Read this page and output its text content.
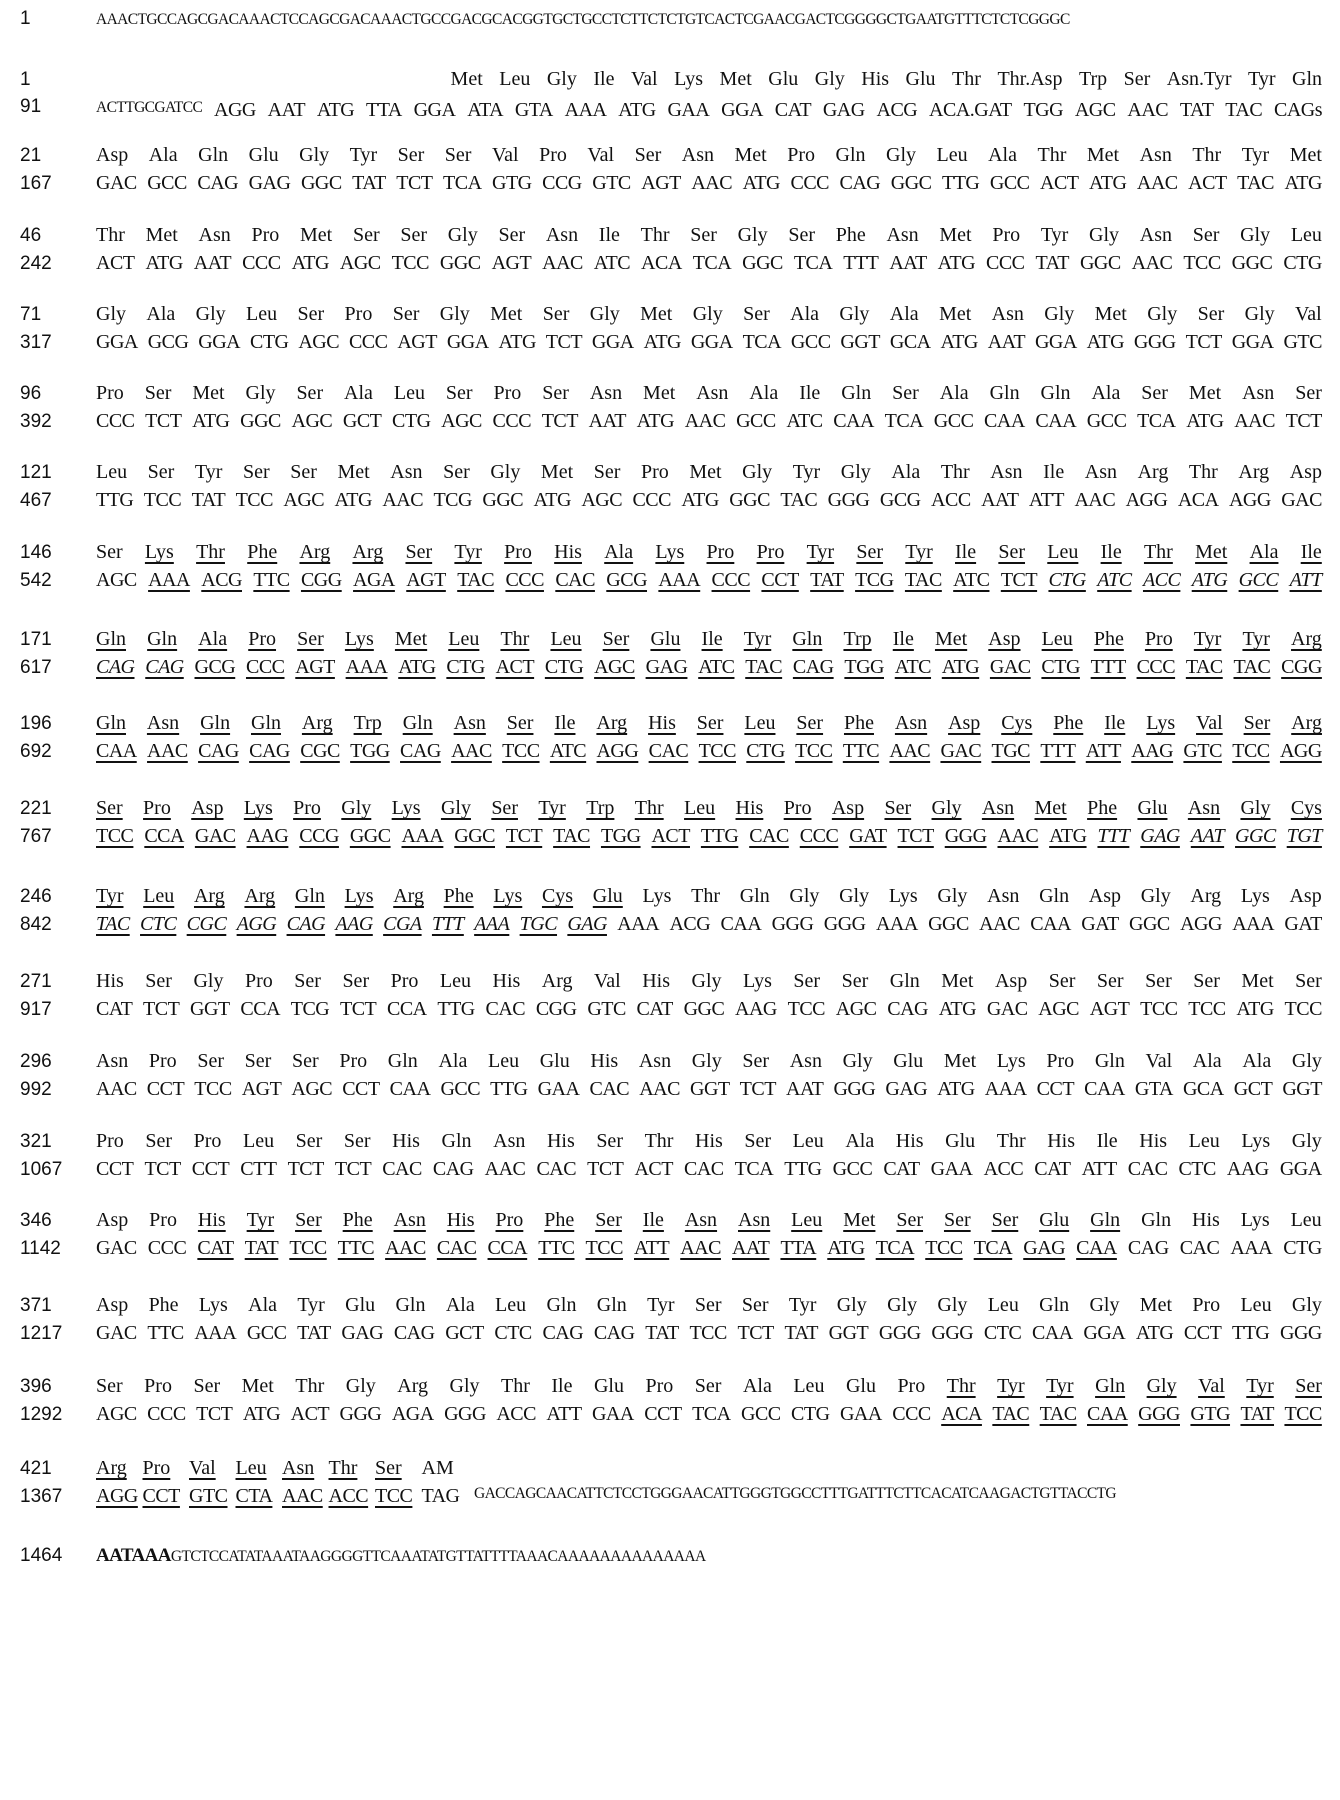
1	AAACTGCCAGCGACAAACTCCAGCGACAAACTGCCGACGCACGGTGCTGCCTCTTCTCTGTCACTCGAACGACTCGGGGCTGAATGTTTCTCTCGGGC
1	Met Leu Gly Ile Val Lys Met Glu Gly His Glu Thr Thr.Asp Trp Ser Asn.Tyr Tyr Gln
91	ACTTGCGATCC AGG AAT ATG TTA GGA ATA GTA AAA ATG GAA GGA CAT GAG ACG ACA.GAT TGG AGC AAC TAT TAC CAGs
21	Asp Ala Gln Glu Gly Tyr Ser Ser Val Pro Val Ser Asn Met Pro Gln Gly Leu Ala Thr Met Asn Thr Tyr Met
167	GAC GCC CAG GAG GGC TAT TCT TCA GTG CCG GTC AGT AAC ATG CCC CAG GGC TTG GCC ACT ATG AAC ACT TAC ATG
46	Thr Met Asn Pro Met Ser Ser Gly Ser Asn Ile Thr Ser Gly Ser Phe Asn Met Pro Tyr Gly Asn Ser Gly Leu
242	ACT ATG AAT CCC ATG AGC TCC GGC AGT AAC ATC ACA TCA GGC TCA TTT AAT ATG CCC TAT GGC AAC TCC GGC CTG
71	Gly Ala Gly Leu Ser Pro Ser Gly Met Ser Gly Met Gly Ser Ala Gly Ala Met Asn Gly Met Gly Ser Gly Val
317	GGA GCG GGA CTG AGC CCC AGT GGA ATG TCT GGA ATG GGA TCA GCC GGT GCA ATG AAT GGA ATG GGG TCT GGA GTC
96	Pro Ser Met Gly Ser Ala Leu Ser Pro Ser Asn Met Asn Ala Ile Gln Ser Ala Gln Gln Ala Ser Met Asn Ser
392	CCC TCT ATG GGC AGC GCT CTG AGC CCC TCT AAT ATG AAC GCC ATC CAA TCA GCC CAA CAA GCC TCA ATG AAC TCT
121	Leu Ser Tyr Ser Ser Met Asn Ser Gly Met Ser Pro Met Gly Tyr Gly Ala Thr Asn Ile Asn Arg Thr Arg Asp
467	TTG TCC TAT TCC AGC ATG AAC TCG GGC ATG AGC CCC ATG GGC TAC GGG GCG ACC AAT ATT AAC AGG ACA AGG GAC
146	Ser Lys Thr Phe Arg Arg Ser Tyr Pro His Ala Lys Pro Pro Tyr Ser Tyr Ile Ser Leu Ile Thr Met Ala Ile
542	AGC AAA ACG TTC CGG AGA AGT TAC CCC CAC GCG AAA CCC CCT TAT TCG TAC ATC TCT CTG ATC ACC ATG GCC ATT
171	Gln Gln Ala Pro Ser Lys Met Leu Thr Leu Ser Glu Ile Tyr Gln Trp Ile Met Asp Leu Phe Pro Tyr Tyr Arg
617	CAG CAG GCG CCC AGT AAA ATG CTG ACT CTG AGC GAG ATC TAC CAG TGG ATC ATG GAC CTG TTT CCC TAC TAC CGG
196	Gln Asn Gln Gln Arg Trp Gln Asn Ser Ile Arg His Ser Leu Ser Phe Asn Asp Cys Phe Ile Lys Val Ser Arg
692	CAA AAC CAG CAG CGC TGG CAG AAC TCC ATC AGG CAC TCC CTG TCC TTC AAC GAC TGC TTT ATT AAG GTC TCC AGG
221	Ser Pro Asp Lys Pro Gly Lys Gly Ser Tyr Trp Thr Leu His Pro Asp Ser Gly Asn Met Phe Glu Asn Gly Cys
767	TCC CCA GAC AAG CCG GGC AAA GGC TCT TAC TGG ACT TTG CAC CCC GAT TCT GGG AAC ATG TTT GAG AAT GGC TGT
246	Tyr Leu Arg Arg Gln Lys Arg Phe Lys Cys Glu Lys Thr Gln Gly Gly Lys Gly Asn Gln Asp Gly Arg Lys Asp
842	TAC CTC CGC AGG CAG AAG CGA TTT AAA TGC GAG AAA ACG CAA GGG GGG AAA GGC AAC CAA GAT GGC AGG AAA GAT
271	His Ser Gly Pro Ser Ser Pro Leu His Arg Val His Gly Lys Ser Ser Gln Met Asp Ser Ser Ser Ser Met Ser
917	CAT TCT GGT CCA TCG TCT CCA TTG CAC CGG GTC CAT GGC AAG TCC AGC CAG ATG GAC AGC AGT TCC TCC ATG TCC
296	Asn Pro Ser Ser Ser Pro Gln Ala Leu Glu His Asn Gly Ser Asn Gly Glu Met Lys Pro Gln Val Ala Ala Gly
992	AAC CCT TCC AGT AGC CCT CAA GCC TTG GAA CAC AAC GGT TCT AAT GGG GAG ATG AAA CCT CAA GTA GCA GCT GGT
321	Pro Ser Pro Leu Ser Ser His Gln Asn His Ser Thr His Ser Leu Ala His Glu Thr His Ile His Leu Lys Gly
1067	CCT TCT CCT CTT TCT TCT CAC CAG AAC CAC TCT ACT CAC TCA TTG GCC CAT GAA ACC CAT ATT CAC CTC AAG GGA
346	Asp Pro His Tyr Ser Phe Asn His Pro Phe Ser Ile Asn Asn Leu Met Ser Ser Ser Glu Gln Gln His Lys Leu
1142	GAC CCC CAT TAT TCC TTC AAC CAC CCA TTC TCC ATT AAC AAT TTA ATG TCA TCC TCA GAG CAA CAG CAC AAA CTG
371	Asp Phe Lys Ala Tyr Glu Gln Ala Leu Gln Gln Tyr Ser Ser Tyr Gly Gly Gly Leu Gln Gly Met Pro Leu Gly
1217	GAC TTC AAA GCC TAT GAG CAG GCT CTC CAG CAG TAT TCC TCT TAT GGT GGG GGG CTC CAA GGA ATG CCT TTG GGG
396	Ser Pro Ser Met Thr Gly Arg Gly Thr Ile Glu Pro Ser Ala Leu Glu Pro Thr Tyr Tyr Gln Gly Val Tyr Ser
1292	AGC CCC TCT ATG ACT GGG AGA GGG ACC ATT GAA CCT TCA GCC CTG GAA CCC ACA TAC TAC CAA GGG GTG TAT TCC
421	Arg Pro Val Leu Asn Thr Ser AM
1367	AGG CCT GTC CTA AAC ACC TCC TAG GACCAGCAACATTCTCCTGGGAACATTGGGTGGCCTTTGATTTCTTCACATCAAGACTGTTACCTG
1464	AATAAAGTCTCCATATAAATAAGGGGTTCAAATATGTTATTTTAAACAAAAAAAAAAAAAA
